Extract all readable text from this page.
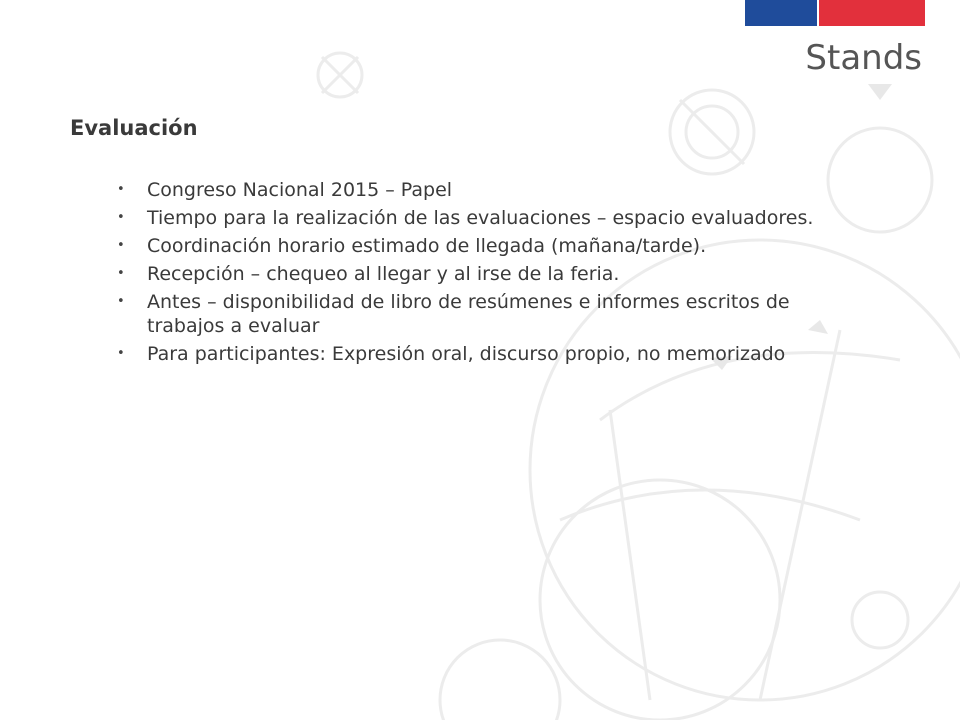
Stands
Evaluación
• Congreso Nacional 2015 – Papel
• Tiempo para la realización de las evaluaciones – espacio evaluadores.
• Coordinación horario estimado de llegada (mañana/tarde).
• Recepción – chequeo al llegar y al irse de la feria.
• Antes – disponibilidad de libro de resúmenes e informes escritos de trabajos a evaluar
• Para participantes: Expresión oral, discurso propio, no memorizado
